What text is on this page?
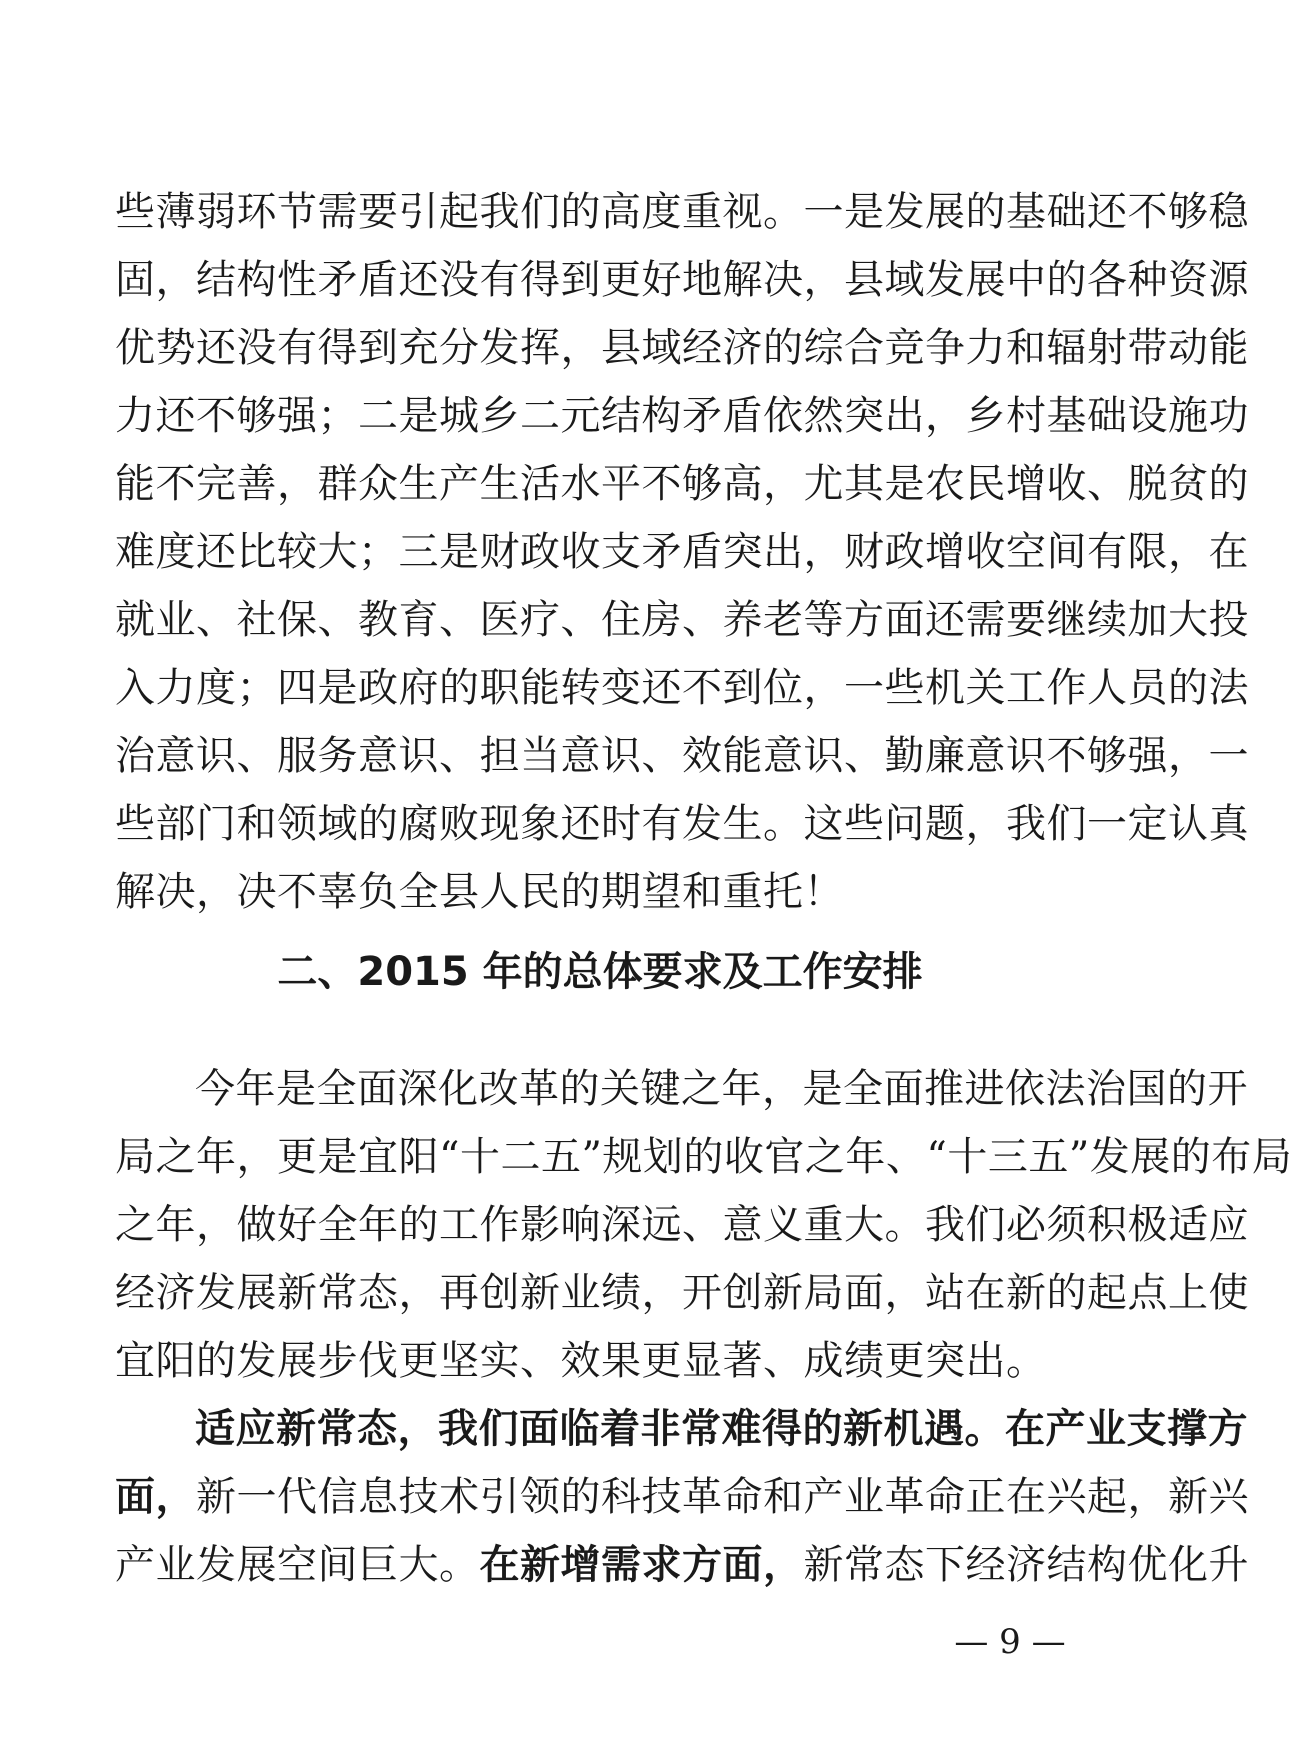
些薄弱环节需要引起我们的高度重视。一是发展的基础还不够稳
固，结构性矛盾还没有得到更好地解决，县域发展中的各种资源
优势还没有得到充分发挥，县域经济的综合竞争力和辐射带动能
力还不够强；二是城乡二元结构矛盾依然突出，乡村基础设施功
能不完善，群众生产生活水平不够高，尤其是农民增收、脱贫的
难度还比较大；三是财政收支矛盾突出，财政增收空间有限，在
就业、社保、教育、医疗、住房、养老等方面还需要继续加大投
入力度；四是政府的职能转变还不到位，一些机关工作人员的法
治意识、服务意识、担当意识、效能意识、勤廉意识不够强，一
些部门和领域的腐败现象还时有发生。这些问题，我们一定认真
解决，决不辜负全县人民的期望和重托！
二、2015 年的总体要求及工作安排
今年是全面深化改革的关键之年，是全面推进依法治国的开
局之年，更是宜阳“十二五”规划的收官之年、“十三五”发展的布局
之年，做好全年的工作影响深远、意义重大。我们必须积极适应
经济发展新常态，再创新业绩，开创新局面，站在新的起点上使
宜阳的发展步伐更坚实、效果更显著、成绩更突出。
适应新常态，我们面临着非常难得的新机遇。在产业支撑方
面，新一代信息技术引领的科技革命和产业革命正在兴起，新兴
产业发展空间巨大。在新增需求方面，新常态下经济结构优化升
— 9 —
